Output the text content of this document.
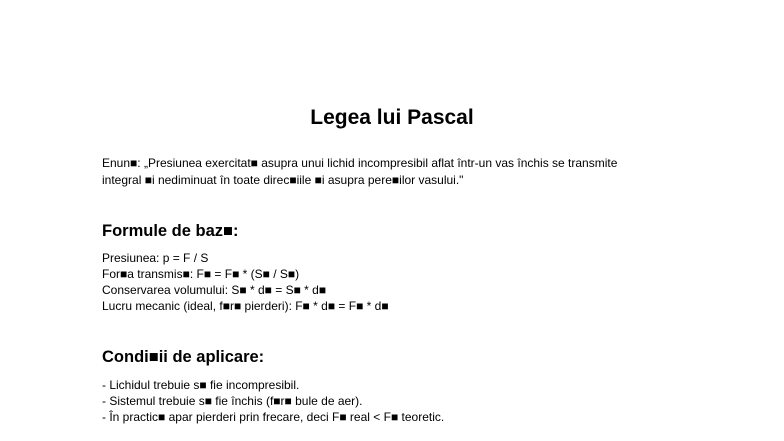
Legea lui Pascal

Enun■: „Presiunea exercitat■ asupra unui lichid incompresibil aflat într-un vas închis se transmite
integral ■i nediminuat în toate direc■iile ■i asupra pere■ilor vasului."

Formule de baz■:
Presiunea: p = F / S
For■a transmis■: F■ = F■ * (S■ / S■)
Conservarea volumului: S■ * d■ = S■ * d■
Lucru mecanic (ideal, f■r■ pierderi): F■ * d■ = F■ * d■
Condi■ii de aplicare:
- Lichidul trebuie s■ fie incompresibil.
- Sistemul trebuie s■ fie închis (f■r■ bule de aer).
- În practic■ apar pierderi prin frecare, deci F■ real < F■ teoretic.
